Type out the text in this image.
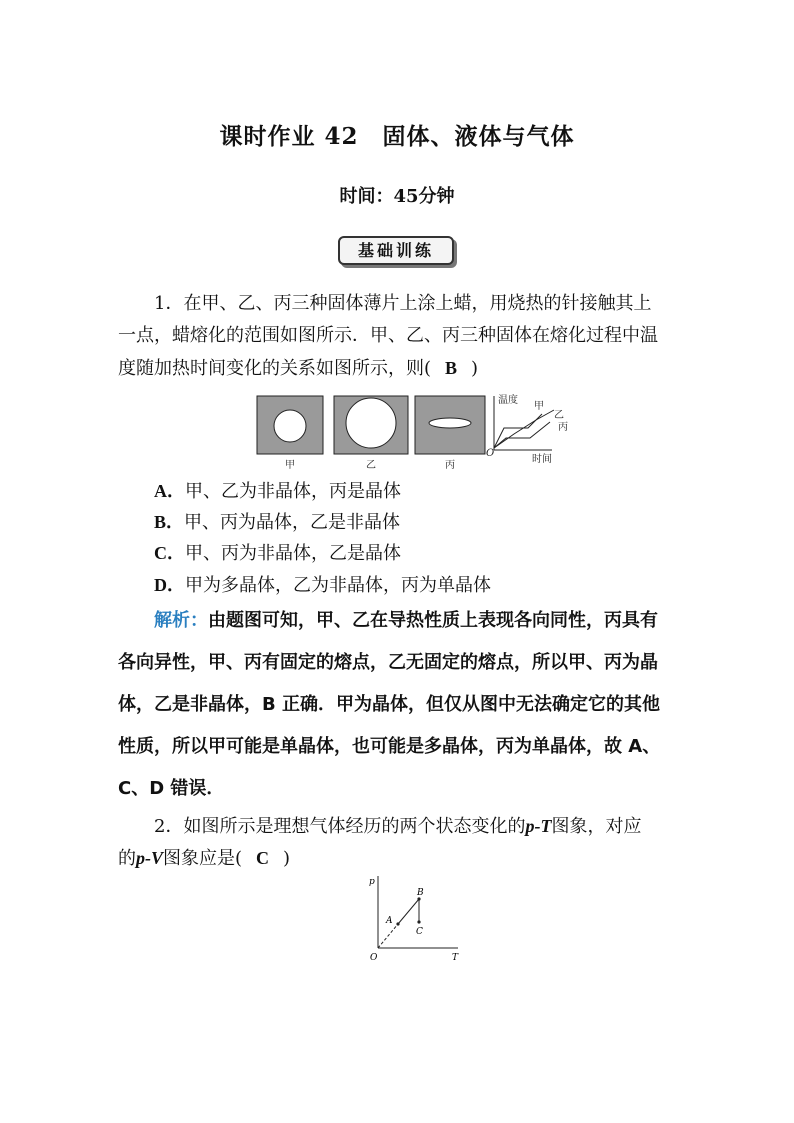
课时作业 42　固体、液体与气体
时间：45分钟
基础训练
1．在甲、乙、丙三种固体薄片上涂上蜡，用烧热的针接触其上
一点，蜡熔化的范围如图所示．甲、乙、丙三种固体在熔化过程中温
度随加热时间变化的关系如图所示，则( B )
甲	乙	丙
温度
时间
O
甲
乙
丙
A．甲、乙为非晶体，丙是晶体
B．甲、丙为晶体，乙是非晶体
C．甲、丙为非晶体，乙是晶体
D．甲为多晶体，乙为非晶体，丙为单晶体
解析：由题图可知，甲、乙在导热性质上表现各向同性，丙具有
各向异性，甲、丙有固定的熔点，乙无固定的熔点，所以甲、丙为晶
体，乙是非晶体，B 正确．甲为晶体，但仅从图中无法确定它的其他
性质，所以甲可能是单晶体，也可能是多晶体，丙为单晶体，故 A、
C、D 错误．
2．如图所示是理想气体经历的两个状态变化的p-T图象，对应
的p-V图象应是( C )
p
T
O
A
B
C
